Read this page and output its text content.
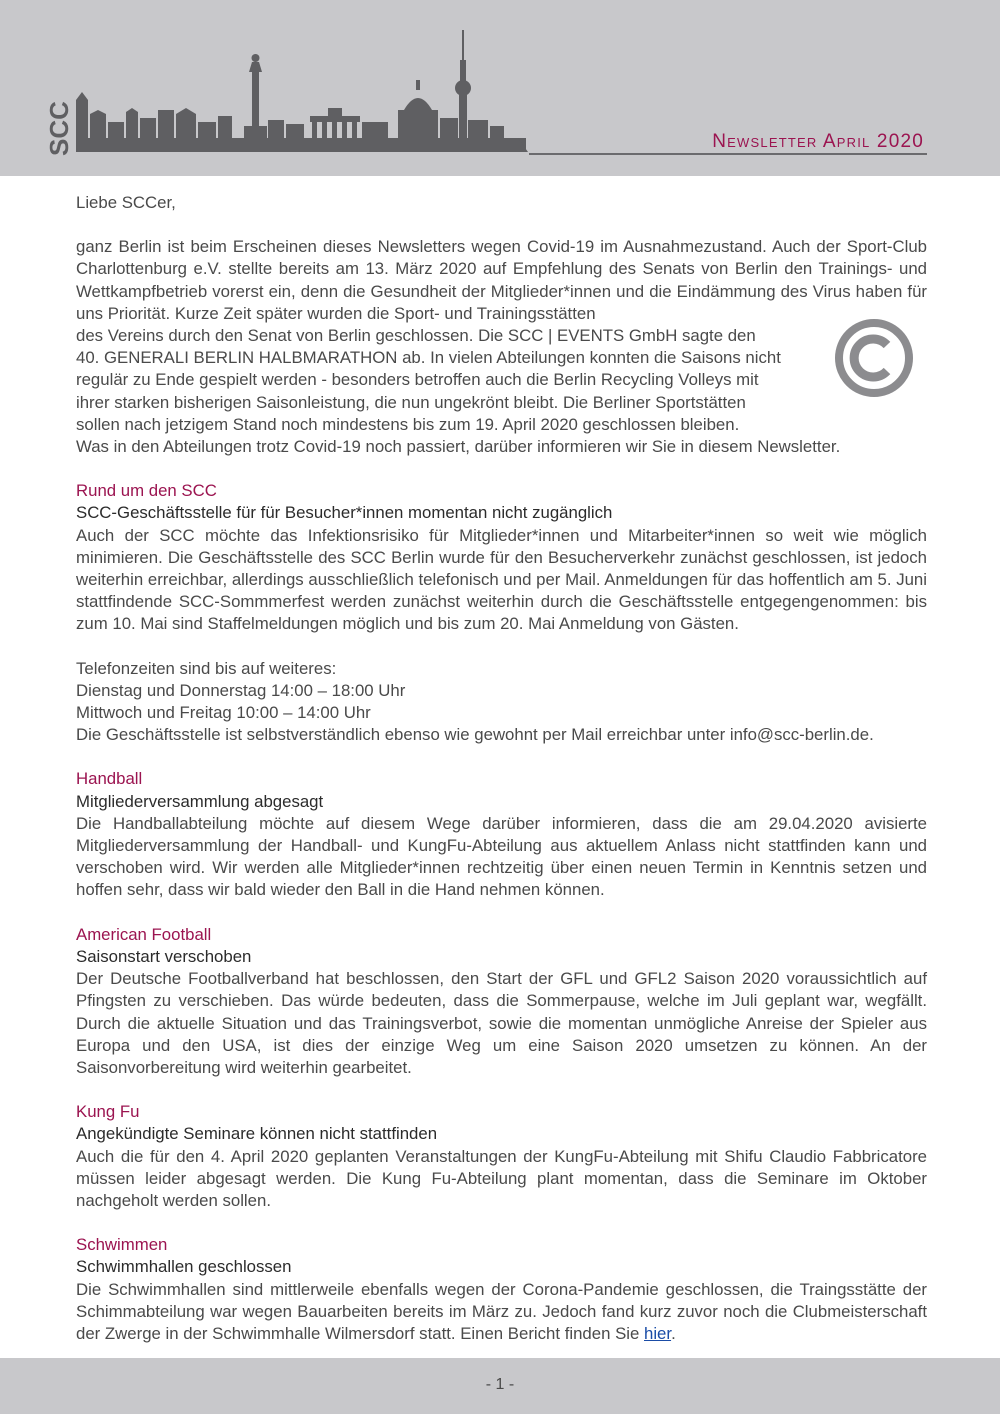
SCC	Newsletter April 2020

Liebe SCCer,

ganz Berlin ist beim Erscheinen dieses Newsletters wegen Covid-19 im Ausnahmezustand. Auch der Sport-Club Charlottenburg e.V. stellte bereits am 13. März 2020 auf Empfehlung des Senats von Berlin den Trainings- und Wettkampfbetrieb vorerst ein, denn die Gesundheit der Mitglieder*innen und die Eindämmung des Virus haben für uns Priorität. Kurze Zeit später wurden die Sport- und Trainingsstätten

des Vereins durch den Senat von Berlin geschlossen. Die SCC | EVENTS GmbH sagte den

40. GENERALI BERLIN HALBMARATHON ab. In vielen Abteilungen konnten die Saisons nicht

regulär zu Ende gespielt werden - besonders betroffen auch die Berlin Recycling Volleys mit

ihrer starken bisherigen Saisonleistung, die nun ungekrönt bleibt. Die Berliner Sportstätten

sollen nach jetzigem Stand noch mindestens bis zum 19. April 2020 geschlossen bleiben.

Was in den Abteilungen trotz Covid-19 noch passiert, darüber informieren wir Sie in diesem Newsletter.

Rund um den SCC

SCC-Geschäftsstelle für für Besucher*innen momentan nicht zugänglich

Auch der SCC möchte das Infektionsrisiko für Mitglieder*innen und Mitarbeiter*innen so weit wie möglich minimieren. Die Geschäftsstelle des SCC Berlin wurde für den Besucherverkehr zunächst geschlossen, ist jedoch weiterhin erreichbar, allerdings ausschließlich telefonisch und per Mail. Anmeldungen für das hoffentlich am 5. Juni stattfindende SCC-Sommmerfest werden zunächst weiterhin durch die Geschäftsstelle entgegengenommen: bis zum 10. Mai sind Staffelmeldungen möglich und bis zum 20. Mai Anmeldung von Gästen.

Telefonzeiten sind bis auf weiteres:

Dienstag und Donnerstag 14:00 – 18:00 Uhr

Mittwoch und Freitag 10:00 – 14:00 Uhr

Die Geschäftsstelle ist selbstverständlich ebenso wie gewohnt per Mail erreichbar unter info@scc-berlin.de.

Handball

Mitgliederversammlung abgesagt

Die Handballabteilung möchte auf diesem Wege darüber informieren, dass die am 29.04.2020 avisierte Mitgliederversammlung der Handball- und KungFu-Abteilung aus aktuellem Anlass nicht stattfinden kann und verschoben wird. Wir werden alle Mitglieder*innen rechtzeitig über einen neuen Termin in Kenntnis setzen und hoffen sehr, dass wir bald wieder den Ball in die Hand nehmen können.

American Football

Saisonstart verschoben

Der Deutsche Footballverband hat beschlossen, den Start der GFL und GFL2 Saison 2020 voraussichtlich auf Pfingsten zu verschieben. Das würde bedeuten, dass die Sommerpause, welche im Juli geplant war, wegfällt. Durch die aktuelle Situation und das Trainingsverbot, sowie die momentan unmögliche Anreise der Spieler aus Europa und den USA, ist dies der einzige Weg um eine Saison 2020 umsetzen zu können. An der Saisonvorbereitung wird weiterhin gearbeitet.

Kung Fu

Angekündigte Seminare können nicht stattfinden

Auch die für den 4. April 2020 geplanten Veranstaltungen der KungFu-Abteilung mit Shifu Claudio Fabbricatore müssen leider abgesagt werden. Die Kung Fu-Abteilung plant momentan, dass die Seminare im Oktober nachgeholt werden sollen.

Schwimmen

Schwimmhallen geschlossen

Die Schwimmhallen sind mittlerweile ebenfalls wegen der Corona-Pandemie geschlossen, die Traingsstätte der Schimmabteilung war wegen Bauarbeiten bereits im März zu. Jedoch fand kurz zuvor noch die Clubmeisterschaft der Zwerge in der Schwimmhalle Wilmersdorf statt. Einen Bericht finden Sie hier.

- 1 -
